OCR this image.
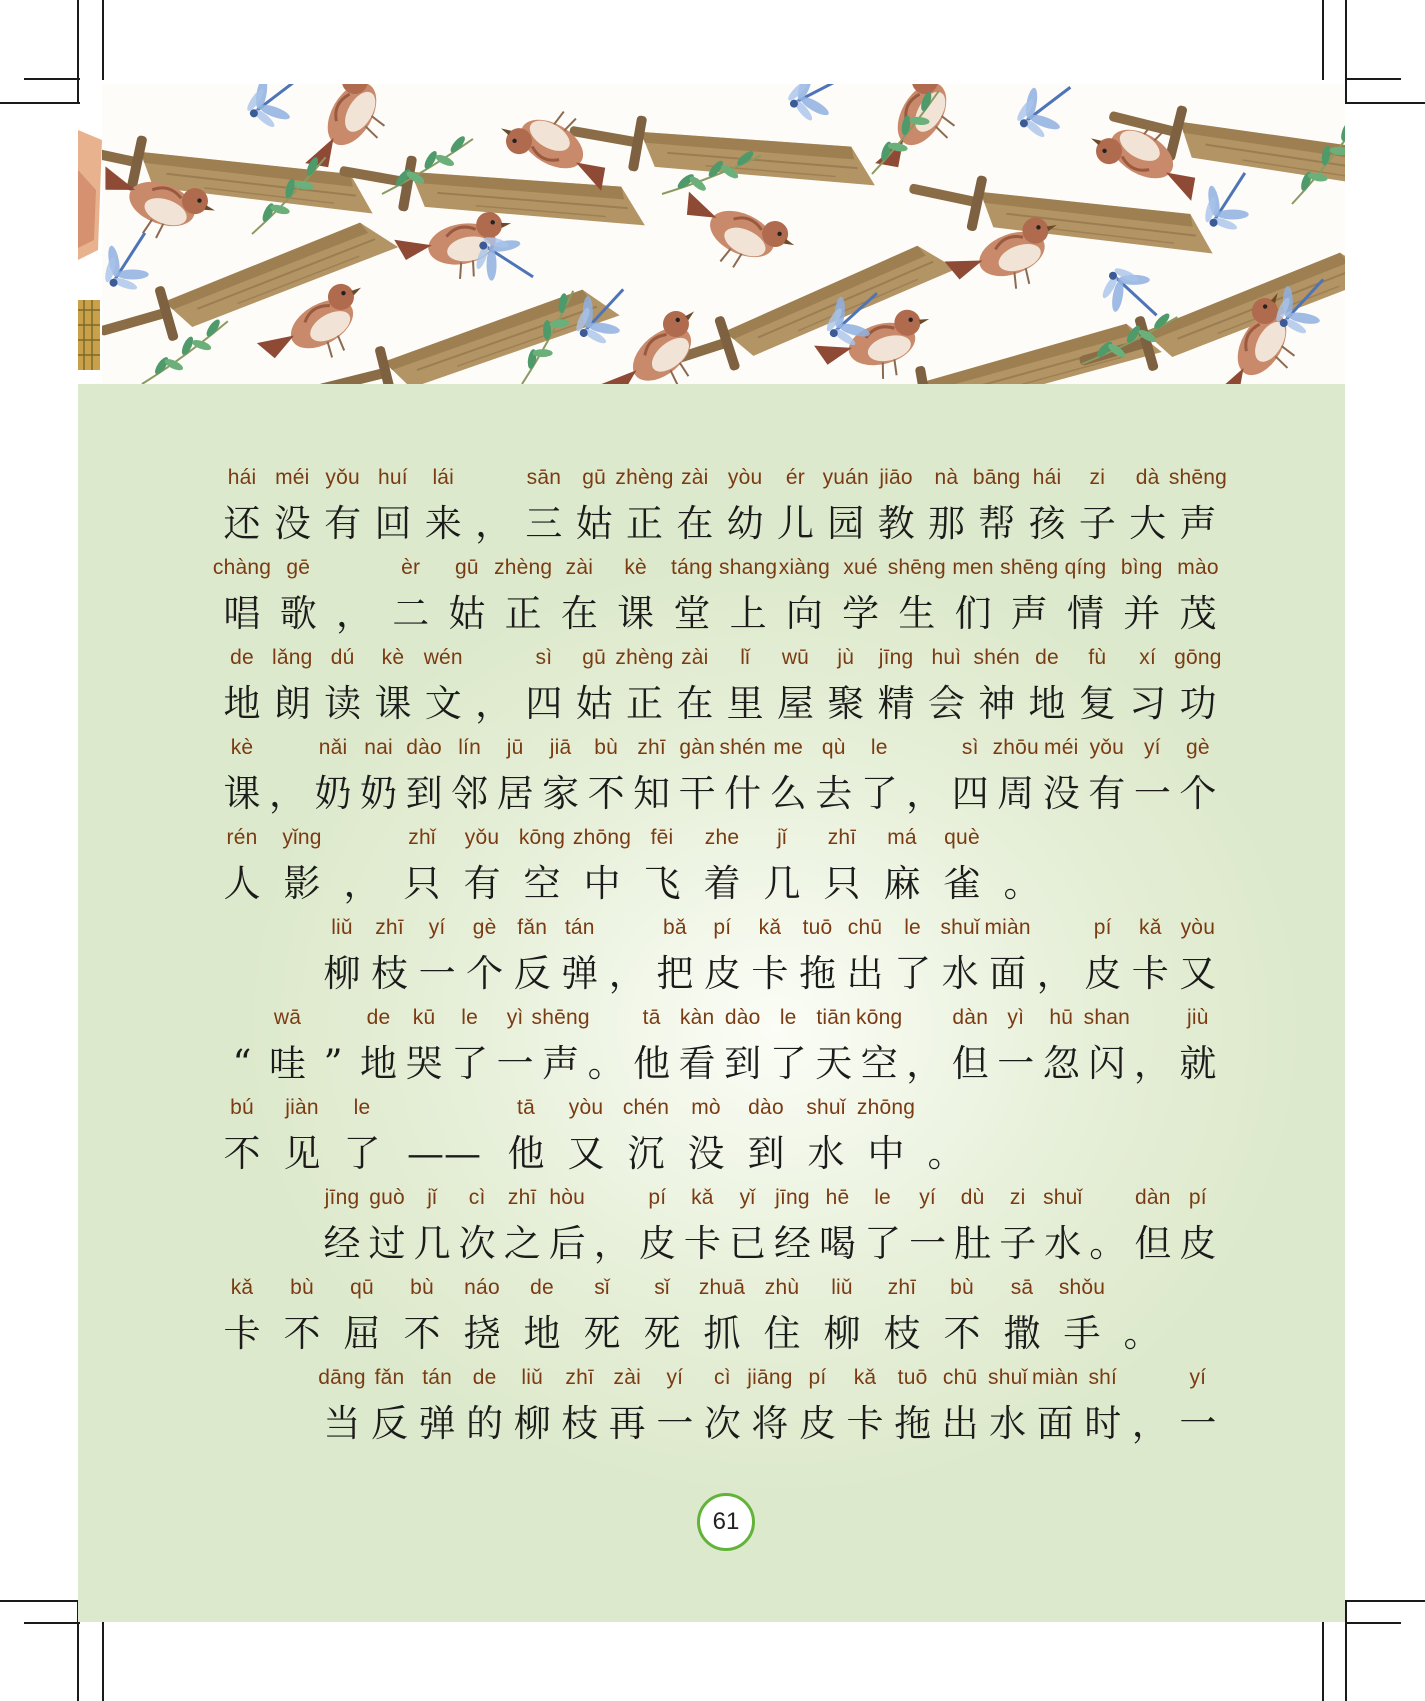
hái
还
méi
没
yǒu
有
huí
回
lái
来 ，
sān
三
gū
姑
zhèng
正
zài
在
yòu
幼
ér
儿
yuán
园
jiāo
教
nà
那
bāng
帮
hái
孩
zi
子
dà
大
shēng
声
chàng
唱
gē
歌 ，
èr
二
gū
姑
zhèng
正
zài
在
kè
课
táng
堂
shang
上
xiàng
向
xué
学
shēng
生
men
们
shēng
声
qíng
情
bìng
并
mào
茂
de
地
lǎng
朗
dú
读
kè
课
wén
文 ，
sì
四
gū
姑
zhèng
正
zài
在
lǐ
里
wū
屋
jù
聚
jīng
精
huì
会
shén
神
de
地
fù
复
xí
习
gōng
功
kè
课 ，
nǎi
奶
nai
奶
dào
到
lín
邻
jū
居
jiā
家
bù
不
zhī
知
gàn
干
shén
什
me
么
qù
去
le
了 ，
sì
四
zhōu
周
méi
没
yǒu
有
yí
一
gè
个
rén
人
yǐng
影 ，
zhǐ
只
yǒu
有
kōng
空
zhōng
中
fēi
飞
zhe
着
jǐ
几
zhī
只
má
麻
què
雀 。
liǔ
柳
zhī
枝
yí
一
gè
个
fǎn
反
tán
弹 ，
bǎ
把
pí
皮
kǎ
卡
tuō
拖
chū
出
le
了
shuǐ
水
miàn
面 ，
pí
皮
kǎ
卡
yòu
又
“
wā
哇 ”
de
地
kū
哭
le
了
yì
一
shēng
声 。
tā
他
kàn
看
dào
到
le
了
tiān
天
kōng
空 ，
dàn
但
yì
一
hū
忽
shan
闪 ，
jiù
就
bú
不
jiàn
见
le
了 ——
tā
他
yòu
又
chén
沉
mò
没
dào
到
shuǐ
水
zhōng
中 。
jīng
经
guò
过
jǐ
几
cì
次
zhī
之
hòu
后 ，
pí
皮
kǎ
卡
yǐ
已
jīng
经
hē
喝
le
了
yí
一
dù
肚
zi
子
shuǐ
水 。
dàn
但
pí
皮
kǎ
卡
bù
不
qū
屈
bù
不
náo
挠
de
地
sǐ
死
sǐ
死
zhuā
抓
zhù
住
liǔ
柳
zhī
枝
bù
不
sā
撒
shǒu
手 。
dāng
当
fǎn
反
tán
弹
de
的
liǔ
柳
zhī
枝
zài
再
yí
一
cì
次
jiāng
将
pí
皮
kǎ
卡
tuō
拖
chū
出
shuǐ
水
miàn
面
shí
时 ，
yí
一
61
